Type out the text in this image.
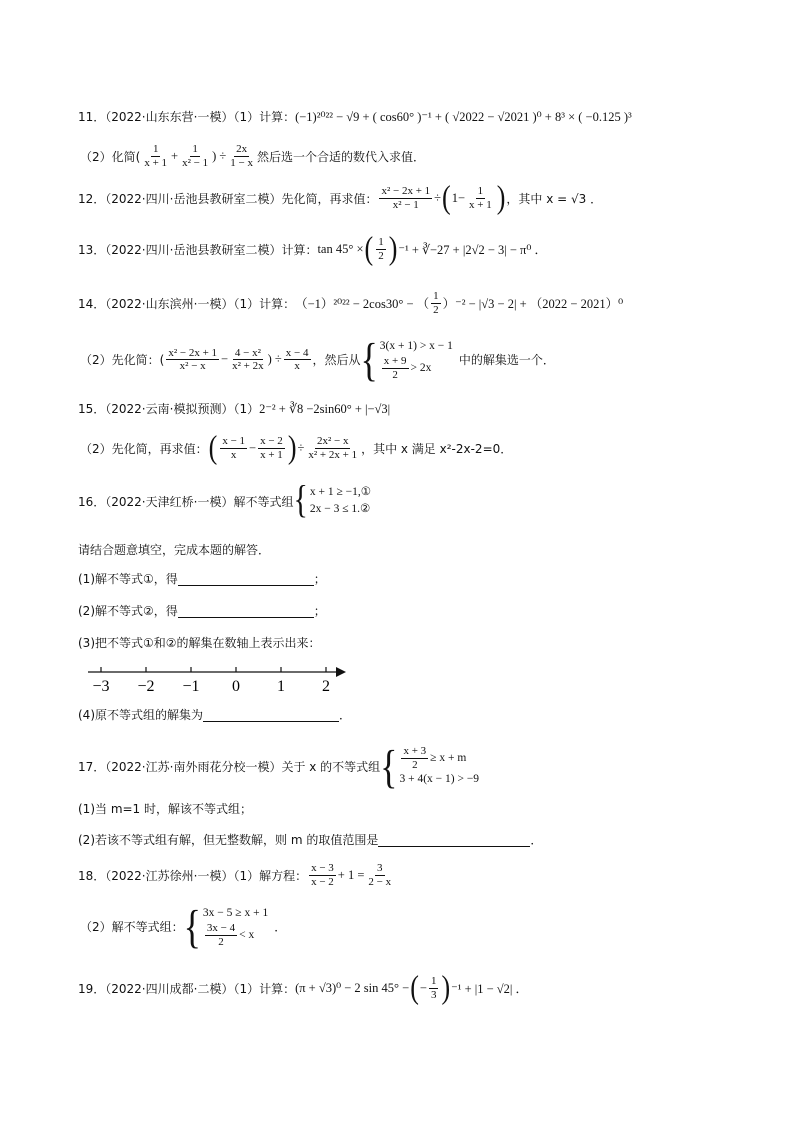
11．（2022·山东东营·一模）（1）计算： (−1)²⁰²² − √9 + ( cos60° )⁻¹ + ( √2022 − √2021 )⁰ + 8³ × ( −0.125 )³
（2）化简( $\frac{1}{x + 1} + \frac{1}{\text{x² − 1}}$ ) ÷ $\frac{2x}{1 - x}$ 然后选一个合适的数代入求值．
12．（2022·四川·岳池县教研室二模）先化简，再求值： $\frac{\text{x² − 2x + 1}}{\text{x² − 1}}$ ÷ ( $1 - \frac{1}{x + 1}$ ) ，其中 x = √3 ．
13．（2022·四川·岳池县教研室二模）计算： tan 45° × ( $\frac{1}{2}$ ) ⁻¹ + ∛−27 + |2√2 − 3| − π⁰ ．
14．（2022·山东滨州·一模）（1）计算： （−1）²⁰²² − 2cos30° − （ $\frac{1}{2} )^{-2} - |√3 - 2| + (2022 - 2021)^0$
（2）先化简：( $\frac{\text{x² − 2x + 1}}{\text{x² − x}} - \frac{\text{4 − x²}}{\text{x² + 2x}}$ ) ÷ $\frac{x - 4}{x}$ ，然后从 { 3(x + 1) > x − 1
$\frac{x + 9}{2} > 2x$
中的解集选一个．
15．（2022·云南·模拟预测）（1） 2⁻² + ∛8 −2sin60° + |−√3|
（2）先化简，再求值： ( $\frac{x - 1}{x} - \frac{x - 2}{x + 1}$ ) ÷ $\frac{\text{2x² − x}}{\text{x² + 2x + 1}}$ ，其中 x 满足 x²-2x-2=0．
16．（2022·天津红桥·一模）解不等式组 { x + 1 ≥ −1,①
2x − 3 ≤ 1.②
请结合题意填空，完成本题的解答．
(1)解不等式①，得	；
(2)解不等式②，得	；
(3)把不等式①和②的解集在数轴上表示出来：
−3 −2 −1 0 1 2
(4)原不等式组的解集为	．
17．（2022·江苏·南外雨花分校一模）关于 x 的不等式组 { $\frac{x + 3}{2} \ge x + m$
3 + 4(x − 1) > −9
(1)当 m=1 时，解该不等式组；
(2)若该不等式组有解，但无整数解，则 m 的取值范围是	．
18．（2022·江苏徐州·一模）（1）解方程： $\frac{x - 3}{x - 2} + 1 = \frac{3}{2 - x}$
（2）解不等式组： { 3x − 5 ≥ x + 1
$\frac{3x - 4}{2} < x$
．
19．（2022·四川成都·二模）（1）计算： (π + √3)⁰ − 2 sin 45° − ( − $\frac{1}{3}$ ) ⁻¹ + |1 − √2| ．
